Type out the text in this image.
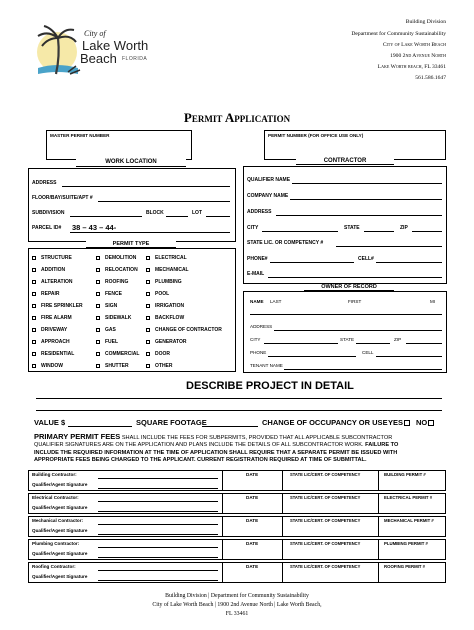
City of
Lake Worth
Beach FLORIDA
Building Division
Department for Community Sustainability
City of Lake Worth Beach
1900 2nd Avenue North
Lake Worth beach, FL 33461
561.586.1647
Permit Application
MASTER PERMIT NUMBER	PERMIT NUMBER (FOR OFFICE USE ONLY)
WORK LOCATION
ADDRESS
FLOOR/BAY/SUITE/APT #
SUBDIVISION	BLOCK	LOT
PARCEL ID# 38 – 43 – 44-
PERMIT TYPE
STRUCTURE
ADDITION
ALTERATION
REPAIR
FIRE SPRINKLER
FIRE ALARM
DRIVEWAY
APPROACH
RESIDENTIAL
WINDOW
DEMOLITION
RELOCATION
ROOFING
FENCE
SIGN
SIDEWALK
GAS
FUEL
COMMERCIAL
SHUTTER
ELECTRICAL
MECHANICAL
PLUMBING
POOL
IRRIGATION
BACKFLOW
CHANGE OF CONTRACTOR
GENERATOR
DOOR
OTHER
CONTRACTOR
QUALIFIER NAME
COMPANY NAME
ADDRESS
CITY	STATE	ZIP
STATE LIC. OR COMPETENCY #
PHONE#	CELL#
E-MAIL
OWNER OF RECORD
NAME LAST	FIRST	MI
ADDRESS
CITY	STATE	ZIP
PHONE	CELL
TENANT NAME
DESCRIBE PROJECT IN DETAIL
VALUE $	SQUARE FOOTAGE	CHANGE OF OCCUPANCY OR USE YES NO
PRIMARY PERMIT FEES SHALL INCLUDE THE FEES FOR SUBPERMITS, PROVIDED THAT ALL APPLICABLE SUBCONTRACTOR
QUALIFIER SIGNATURES ARE ON THE APPLICATION AND PLANS INCLUDE THE DETAILS OF ALL SUBCONTRACTOR WORK. FAILURE TO
INCLUDE THE REQUIRED INFORMATION AT THE TIME OF APPLICATION SHALL REQUIRE THAT A SEPARATE PERMIT BE ISSUED WITH
APPROPRIATE FEES BEING CHARGED TO THE APPLICANT. CURRENT REGISTRATION REQUIRED AT TIME OF SUBMITTAL.
Building Contractor:
Qualifier/Agent Signature
DATE	STATE LIC/CERT. OF COMPETENCY	BUILDING PERMIT #
Electrical Contractor:
Qualifier/Agent Signature
DATE	STATE LIC/CERT. OF COMPETENCY	ELECTRICAL PERMIT #
Mechanical Contractor:
Qualifier/Agent Signature
DATE	STATE LIC/CERT. OF COMPETENCY	MECHANICAL PERMIT #
Plumbing Contractor:
Qualifier/Agent Signature
DATE	STATE LIC/CERT. OF COMPETENCY	PLUMBING PERMIT #
Roofing Contractor:
Qualifier/Agent Signature
DATE	STATE LIC/CERT. OF COMPETENCY	ROOFING PERMIT #
Building Division | Department for Community Sustainability
City of Lake Worth Beach | 1900 2nd Avenue North | Lake Worth Beach,
FL 33461
